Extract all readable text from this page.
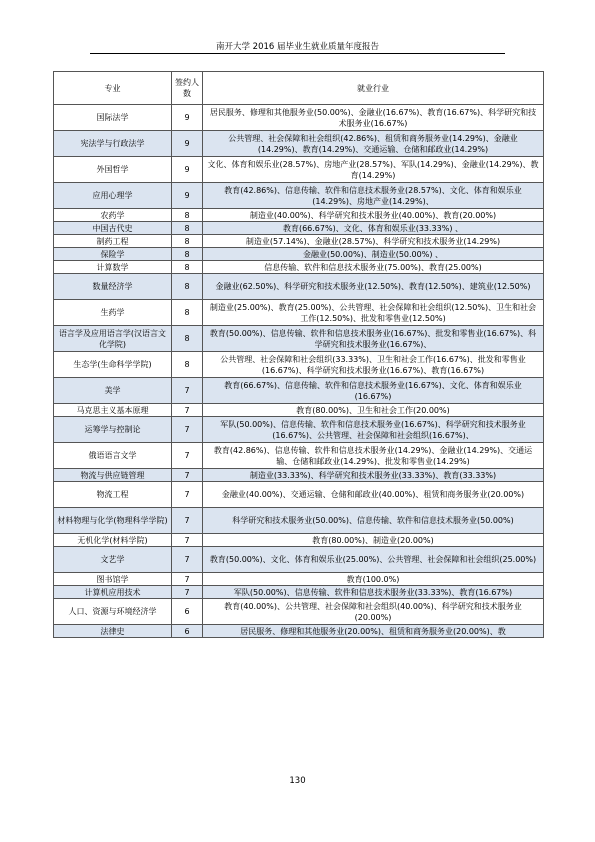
南开大学 2016 届毕业生就业质量年度报告
专业	签约人数	就业行业
国际法学	9	居民服务、修理和其他服务业(50.00%)、金融业(16.67%)、教育(16.67%)、科学研究和技术服务业(16.67%)
宪法学与行政法学	9	公共管理、社会保障和社会组织(42.86%)、租赁和商务服务业(14.29%)、金融业(14.29%)、教育(14.29%)、交通运输、仓储和邮政业(14.29%)
外国哲学	9	文化、体育和娱乐业(28.57%)、房地产业(28.57%)、军队(14.29%)、金融业(14.29%)、教育(14.29%)
应用心理学	9	教育(42.86%)、信息传输、软件和信息技术服务业(28.57%)、文化、体育和娱乐业(14.29%)、房地产业(14.29%)、
农药学	8	制造业(40.00%)、科学研究和技术服务业(40.00%)、教育(20.00%)
中国古代史	8	教育(66.67%)、文化、体育和娱乐业(33.33%) 、
制药工程	8	制造业(57.14%)、金融业(28.57%)、科学研究和技术服务业(14.29%)
保险学	8	金融业(50.00%)、制造业(50.00%) 、
计算数学	8	信息传输、软件和信息技术服务业(75.00%)、教育(25.00%)
数量经济学	8	金融业(62.50%)、科学研究和技术服务业(12.50%)、教育(12.50%)、建筑业(12.50%)
生药学	8	制造业(25.00%)、教育(25.00%)、公共管理、社会保障和社会组织(12.50%)、卫生和社会工作(12.50%)、批发和零售业(12.50%)
语言学及应用语言学(汉语言文化学院)	8	教育(50.00%)、信息传输、软件和信息技术服务业(16.67%)、批发和零售业(16.67%)、科学研究和技术服务业(16.67%)、
生态学(生命科学学院)	8	公共管理、社会保障和社会组织(33.33%)、卫生和社会工作(16.67%)、批发和零售业(16.67%)、科学研究和技术服务业(16.67%)、教育(16.67%)
美学	7	教育(66.67%)、信息传输、软件和信息技术服务业(16.67%)、文化、体育和娱乐业(16.67%)
马克思主义基本原理	7	教育(80.00%)、卫生和社会工作(20.00%)
运筹学与控制论	7	军队(50.00%)、信息传输、软件和信息技术服务业(16.67%)、科学研究和技术服务业(16.67%)、公共管理、社会保障和社会组织(16.67%)、
俄语语言文学	7	教育(42.86%)、信息传输、软件和信息技术服务业(14.29%)、金融业(14.29%)、交通运输、仓储和邮政业(14.29%)、批发和零售业(14.29%)
物流与供应链管理	7	制造业(33.33%)、科学研究和技术服务业(33.33%)、教育(33.33%)
物流工程	7	金融业(40.00%)、交通运输、仓储和邮政业(40.00%)、租赁和商务服务业(20.00%)
材料物理与化学(物理科学学院)	7	科学研究和技术服务业(50.00%)、信息传输、软件和信息技术服务业(50.00%)
无机化学(材料学院)	7	教育(80.00%)、制造业(20.00%)
文艺学	7	教育(50.00%)、文化、体育和娱乐业(25.00%)、公共管理、社会保障和社会组织(25.00%)
图书馆学	7	教育(100.0%)
计算机应用技术	7	军队(50.00%)、信息传输、软件和信息技术服务业(33.33%)、教育(16.67%)
人口、资源与环境经济学	6	教育(40.00%)、公共管理、社会保障和社会组织(40.00%)、科学研究和技术服务业(20.00%)
法律史	6	居民服务、修理和其他服务业(20.00%)、租赁和商务服务业(20.00%)、教
130
